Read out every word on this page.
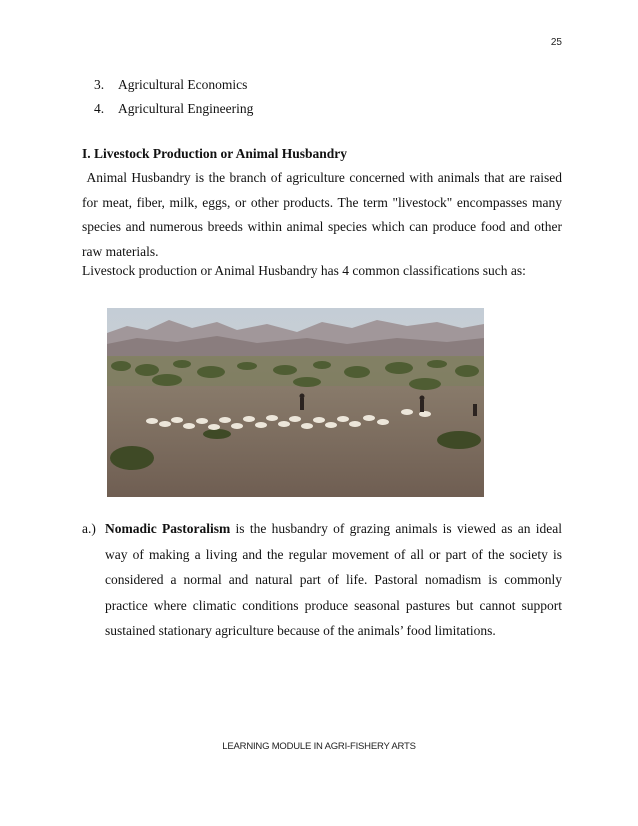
25
3. Agricultural Economics
4. Agricultural Engineering

I. Livestock Production or Animal Husbandry

Animal Husbandry is the branch of agriculture concerned with animals that are raised for meat, fiber, milk, eggs, or other products. The term "livestock" encompasses many species and numerous breeds within animal species which can produce food and other raw materials.

Livestock production or Animal Husbandry has 4 common classifications such as:

a.) Nomadic Pastoralism is the husbandry of grazing animals is viewed as an ideal way of making a living and the regular movement of all or part of the society is considered a normal and natural part of life. Pastoral nomadism is commonly practice where climatic conditions produce seasonal pastures but cannot support sustained stationary agriculture because of the animals’ food limitations.

LEARNING MODULE IN AGRI-FISHERY ARTS
